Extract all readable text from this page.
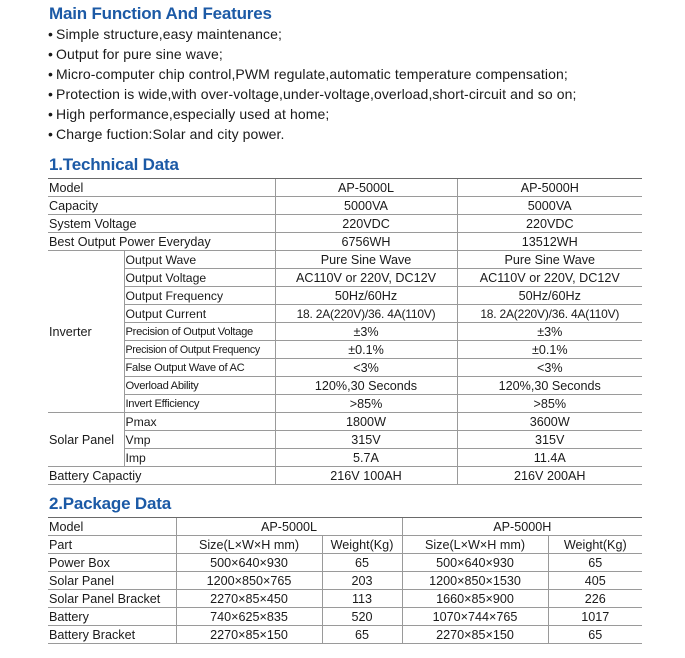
Main Function And Features
• Simple structure,easy maintenance;
• Output for pure sine wave;
• Micro-computer chip control,PWM regulate,automatic temperature compensation;
• Protection is wide,with over-voltage,under-voltage,overload,short-circuit and so on;
• High performance,especially used at home;
• Charge fuction:Solar and city power.
1.Technical Data
Model		AP-5000L	AP-5000H
Capacity		5000VA	5000VA
System Voltage		220VDC	220VDC
Best Output Power Everyday		6756WH	13512WH
Inverter	Output Wave	Pure Sine Wave	Pure Sine Wave
	Output Voltage	AC110V or 220V, DC12V	AC110V or 220V, DC12V
	Output Frequency	50Hz/60Hz	50Hz/60Hz
	Output Current	18. 2A(220V)/36. 4A(110V)	18. 2A(220V)/36. 4A(110V)
	Precision of Output Voltage	±3%	±3%
	Precision of Output Frequency	±0.1%	±0.1%
	False Output Wave of AC	<3%	<3%
	Overload Ability	120%,30 Seconds	120%,30 Seconds
	Invert Efficiency	>85%	>85%
Solar Panel	Pmax	1800W	3600W
	Vmp	315V	315V
	Imp	5.7A	11.4A
Battery Capactiy		216V 100AH	216V 200AH
2.Package Data
Model	AP-5000L		AP-5000H	
Part	Size(L×W×H mm)	Weight(Kg)	Size(L×W×H mm)	Weight(Kg)
Power Box	500×640×930	65	500×640×930	65
Solar Panel	1200×850×765	203	1200×850×1530	405
Solar Panel Bracket	2270×85×450	113	1660×85×900	226
Battery	740×625×835	520	1070×744×765	1017
Battery Bracket	2270×85×150	65	2270×85×150	65
